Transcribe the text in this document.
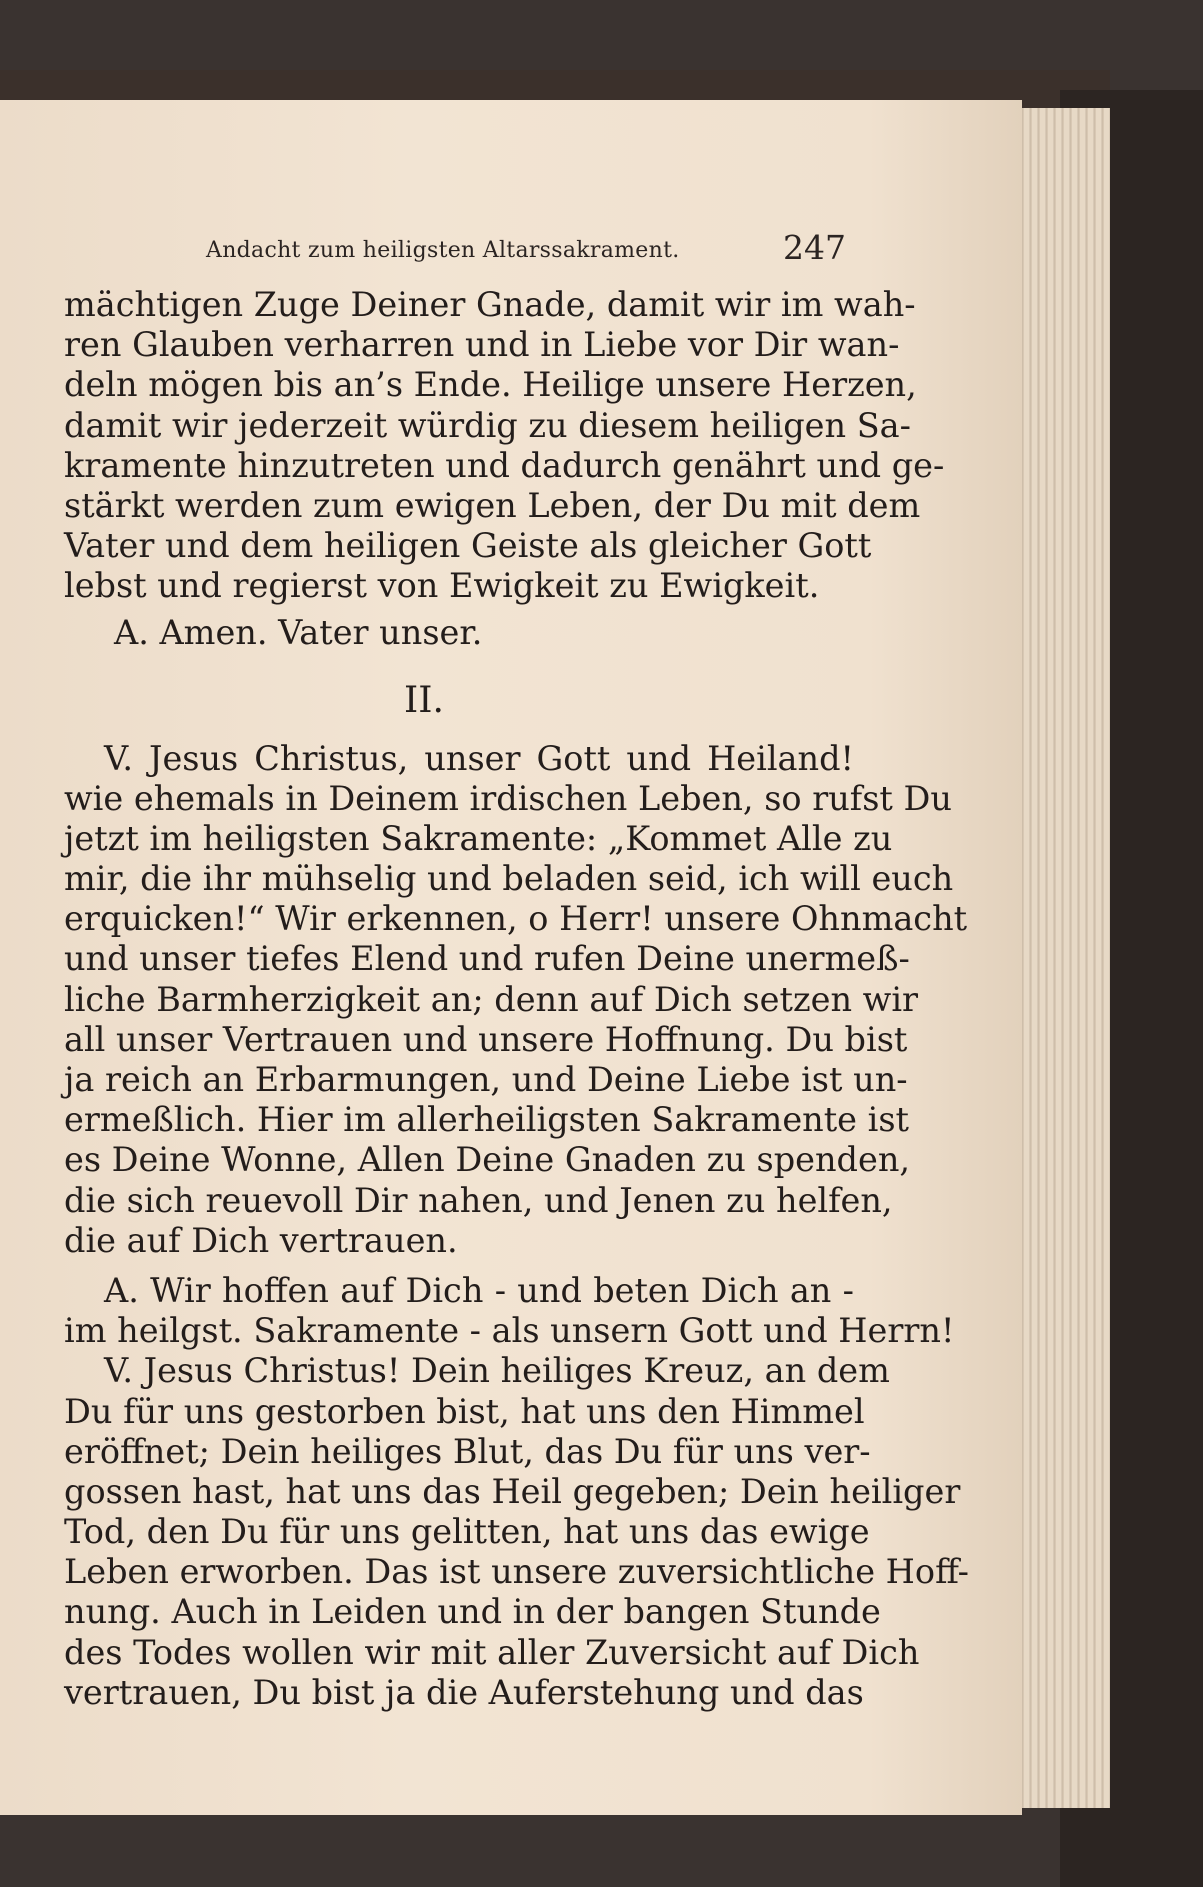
Andacht zum heiligsten Altarssakrament.	247
mächtigen Zuge Deiner Gnade, damit wir im wah-
ren Glauben verharren und in Liebe vor Dir wan-
deln mögen bis an’s Ende. Heilige unsere Herzen,
damit wir jederzeit würdig zu diesem heiligen Sa-
kramente hinzutreten und dadurch genährt und ge-
stärkt werden zum ewigen Leben, der Du mit dem
Vater und dem heiligen Geiste als gleicher Gott
lebst und regierst von Ewigkeit zu Ewigkeit.
A. Amen. Vater unser.
II.
V. Jesus Christus, unser Gott und Heiland!
wie ehemals in Deinem irdischen Leben, so rufst Du
jetzt im heiligsten Sakramente: „Kommet Alle zu
mir, die ihr mühselig und beladen seid, ich will euch
erquicken!“ Wir erkennen, o Herr! unsere Ohnmacht
und unser tiefes Elend und rufen Deine unermeß-
liche Barmherzigkeit an; denn auf Dich setzen wir
all unser Vertrauen und unsere Hoffnung. Du bist
ja reich an Erbarmungen, und Deine Liebe ist un-
ermeßlich. Hier im allerheiligsten Sakramente ist
es Deine Wonne, Allen Deine Gnaden zu spenden,
die sich reuevoll Dir nahen, und Jenen zu helfen,
die auf Dich vertrauen.
A. Wir hoffen auf Dich - und beten Dich an -
im heilgst. Sakramente - als unsern Gott und Herrn!
V. Jesus Christus! Dein heiliges Kreuz, an dem
Du für uns gestorben bist, hat uns den Himmel
eröffnet; Dein heiliges Blut, das Du für uns ver-
gossen hast, hat uns das Heil gegeben; Dein heiliger
Tod, den Du für uns gelitten, hat uns das ewige
Leben erworben. Das ist unsere zuversichtliche Hoff-
nung. Auch in Leiden und in der bangen Stunde
des Todes wollen wir mit aller Zuversicht auf Dich
vertrauen, Du bist ja die Auferstehung und das
